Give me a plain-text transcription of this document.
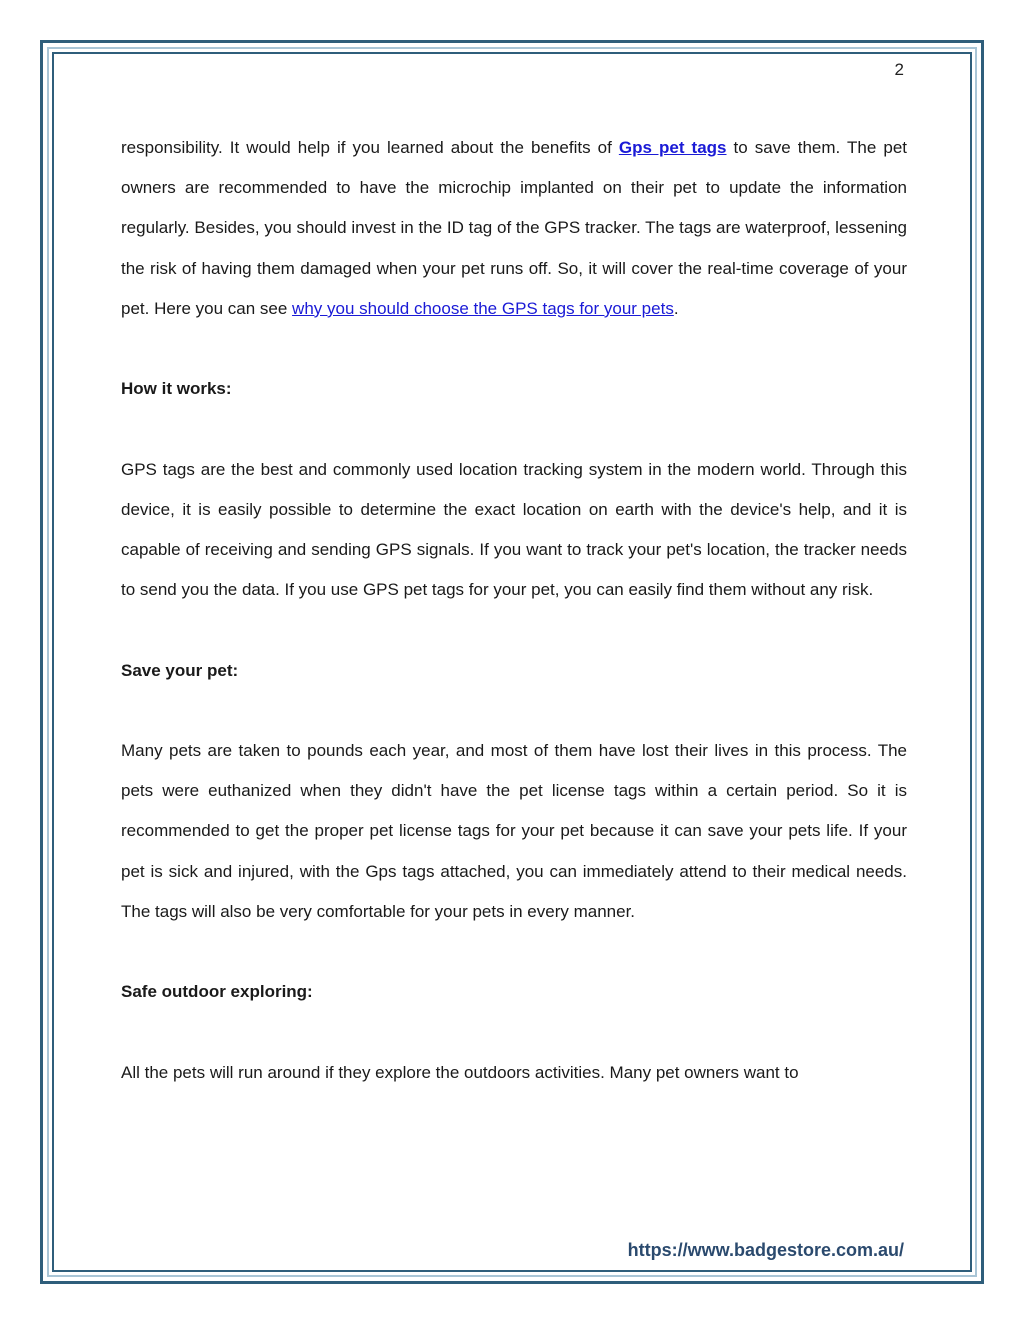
2

responsibility. It would help if you learned about the benefits of Gps pet tags to save them. The pet owners are recommended to have the microchip implanted on their pet to update the information regularly. Besides, you should invest in the ID tag of the GPS tracker. The tags are waterproof, lessening the risk of having them damaged when your pet runs off. So, it will cover the real-time coverage of your pet. Here you can see why you should choose the GPS tags for your pets.

How it works:

GPS tags are the best and commonly used location tracking system in the modern world. Through this device, it is easily possible to determine the exact location on earth with the device's help, and it is capable of receiving and sending GPS signals. If you want to track your pet's location, the tracker needs to send you the data. If you use GPS pet tags for your pet, you can easily find them without any risk.

Save your pet:

Many pets are taken to pounds each year, and most of them have lost their lives in this process. The pets were euthanized when they didn't have the pet license tags within a certain period. So it is recommended to get the proper pet license tags for your pet because it can save your pets life. If your pet is sick and injured, with the Gps tags attached, you can immediately attend to their medical needs. The tags will also be very comfortable for your pets in every manner.

Safe outdoor exploring:

All the pets will run around if they explore the outdoors activities. Many pet owners want to

https://www.badgestore.com.au/
